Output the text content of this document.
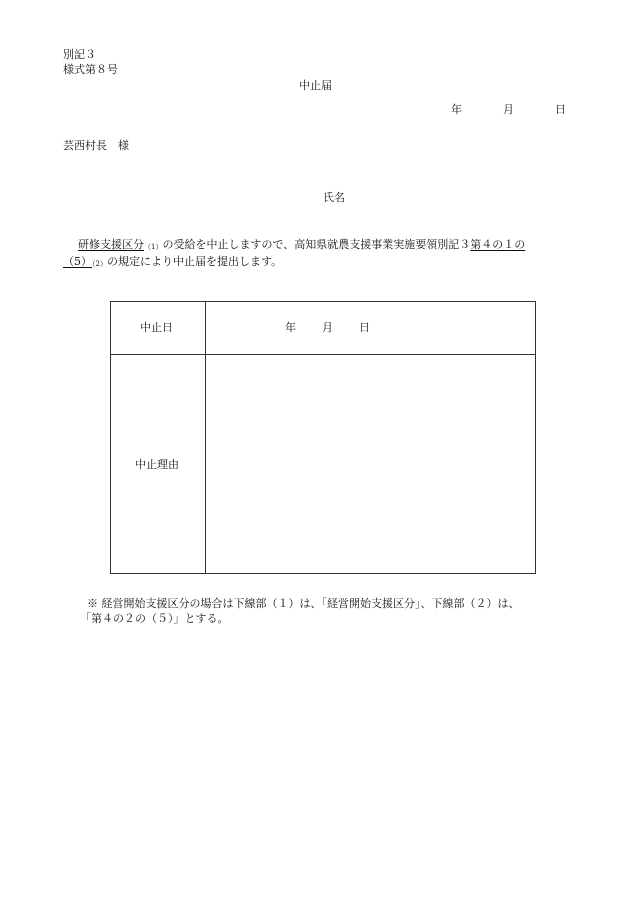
別記３
様式第８号
中止届
年	月	日
芸西村長　様
氏名
研修支援区分（1）の受給を中止しますので、高知県就農支援事業実施要領別記３第４の１の
（5）（2）の規定により中止届を提出します。
中止日	年 月 日
中止理由
※ 経営開始支援区分の場合は下線部（１）は、「経営開始支援区分」、下線部（２）は、
「第４の２の（５）」とする。
